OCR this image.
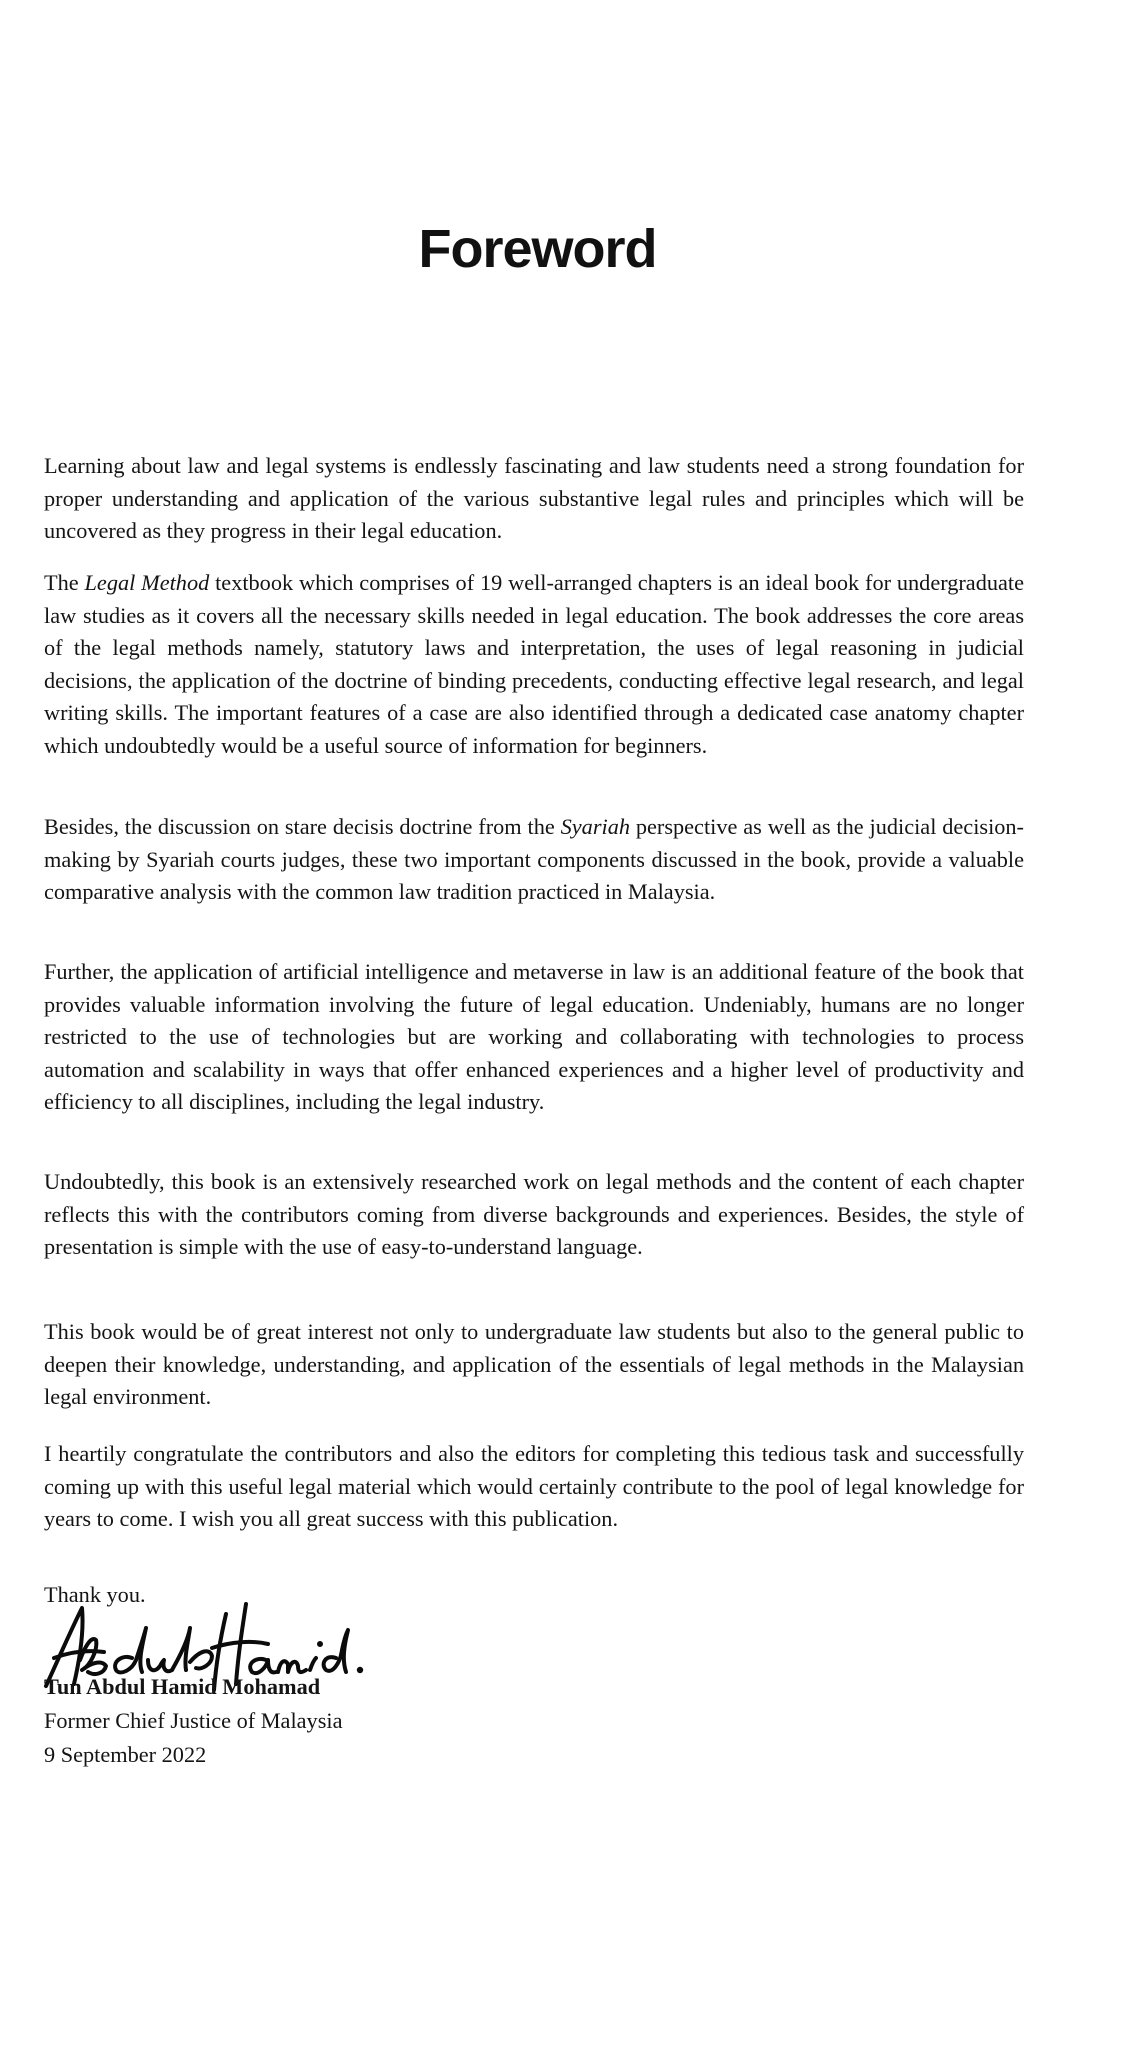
Foreword

Learning about law and legal systems is endlessly fascinating and law students need a strong foundation for proper understanding and application of the various substantive legal rules and principles which will be uncovered as they progress in their legal education.

The Legal Method textbook which comprises of 19 well-arranged chapters is an ideal book for undergraduate law studies as it covers all the necessary skills needed in legal education. The book addresses the core areas of the legal methods namely, statutory laws and interpretation, the uses of legal reasoning in judicial decisions, the application of the doctrine of binding precedents, conducting effective legal research, and legal writing skills. The important features of a case are also identified through a dedicated case anatomy chapter which undoubtedly would be a useful source of information for beginners.

Besides, the discussion on stare decisis doctrine from the Syariah perspective as well as the judicial decision-making by Syariah courts judges, these two important components discussed in the book, provide a valuable comparative analysis with the common law tradition practiced in Malaysia.

Further, the application of artificial intelligence and metaverse in law is an additional feature of the book that provides valuable information involving the future of legal education. Undeniably, humans are no longer restricted to the use of technologies but are working and collaborating with technologies to process automation and scalability in ways that offer enhanced experiences and a higher level of productivity and efficiency to all disciplines, including the legal industry.

Undoubtedly, this book is an extensively researched work on legal methods and the content of each chapter reflects this with the contributors coming from diverse backgrounds and experiences. Besides, the style of presentation is simple with the use of easy-to-understand language.

This book would be of great interest not only to undergraduate law students but also to the general public to deepen their knowledge, understanding, and application of the essentials of legal methods in the Malaysian legal environment.

I heartily congratulate the contributors and also the editors for completing this tedious task and successfully coming up with this useful legal material which would certainly contribute to the pool of legal knowledge for years to come. I wish you all great success with this publication.

Thank you.
Tun Abdul Hamid Mohamad
Former Chief Justice of Malaysia
9 September 2022
